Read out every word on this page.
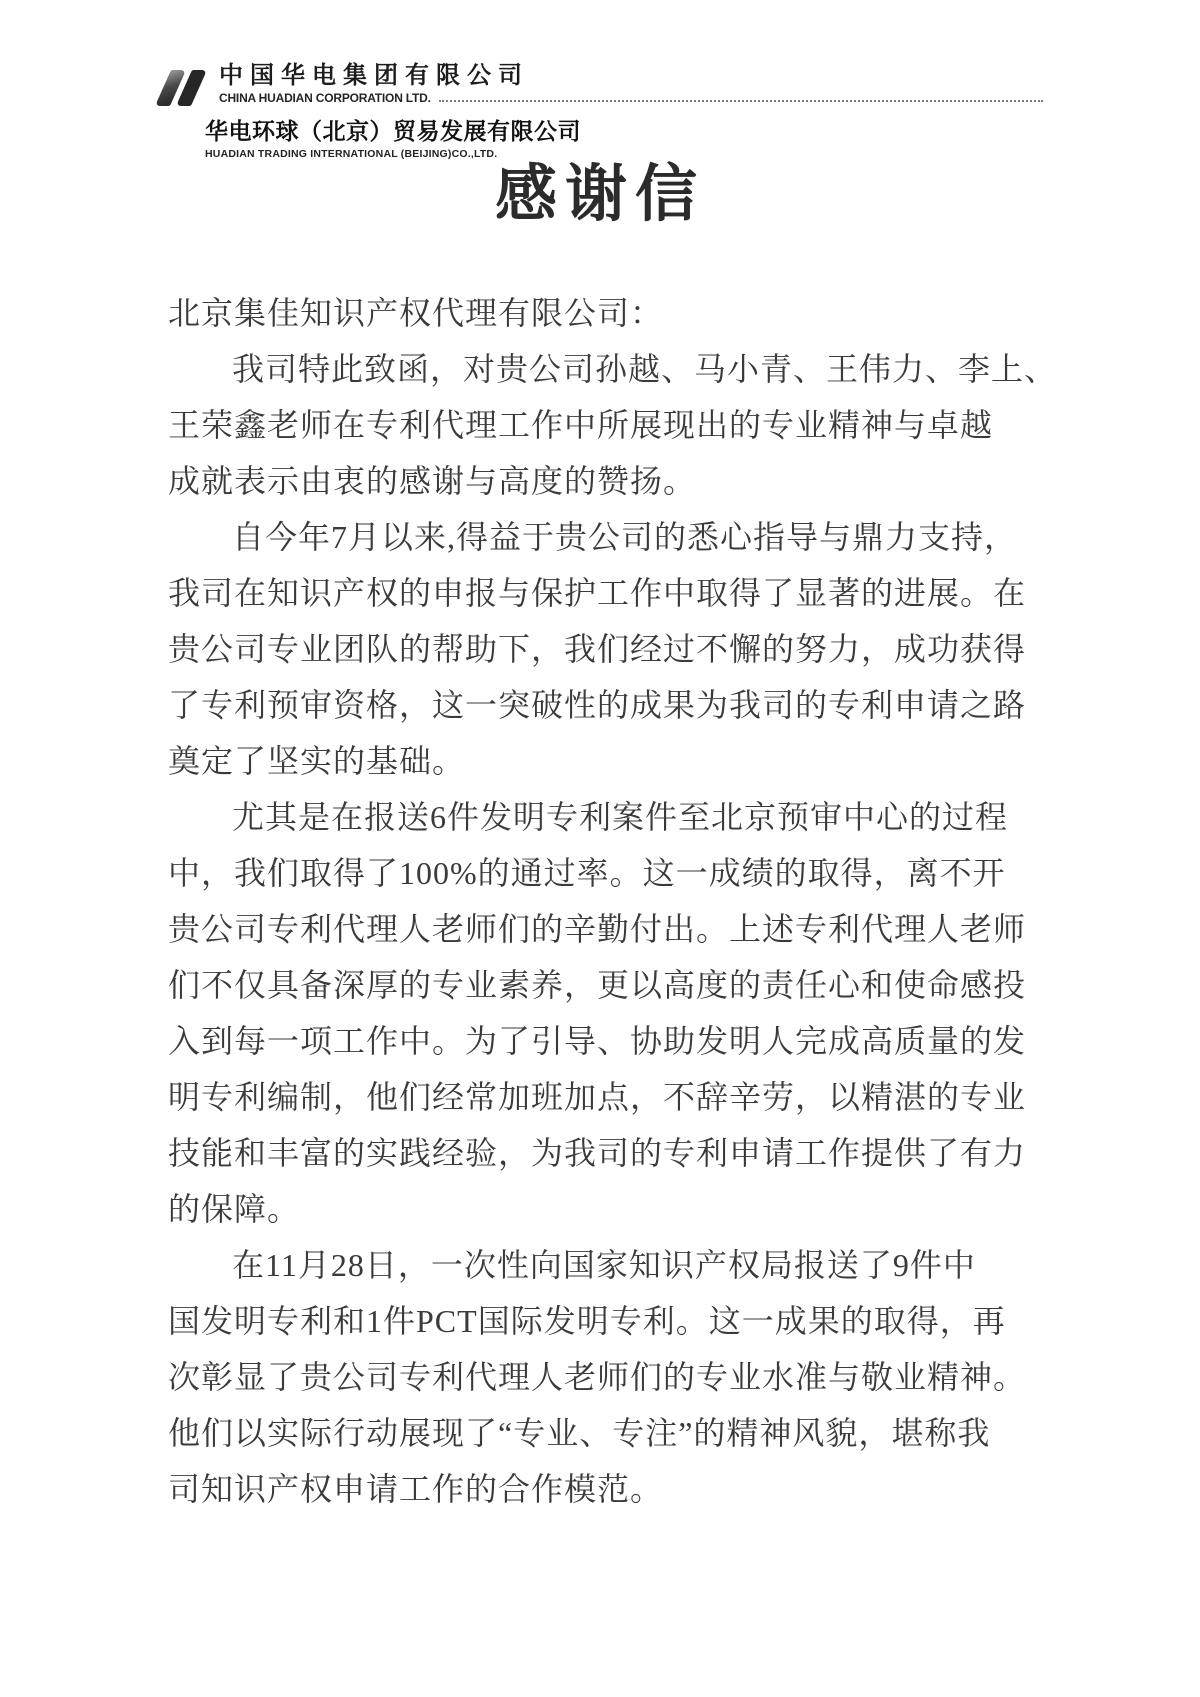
中国华电集团有限公司
CHINA HUADIAN CORPORATION LTD.
华电环球（北京）贸易发展有限公司
HUADIAN TRADING INTERNATIONAL (BEIJING)CO.,LTD.
感谢信
北京集佳知识产权代理有限公司：
我司特此致函，对贵公司孙越、马小青、王伟力、李上、
王荣鑫老师在专利代理工作中所展现出的专业精神与卓越
成就表示由衷的感谢与高度的赞扬。
自今年7月以来,得益于贵公司的悉心指导与鼎力支持，
我司在知识产权的申报与保护工作中取得了显著的进展。在
贵公司专业团队的帮助下，我们经过不懈的努力，成功获得
了专利预审资格，这一突破性的成果为我司的专利申请之路
奠定了坚实的基础。
尤其是在报送6件发明专利案件至北京预审中心的过程
中，我们取得了100%的通过率。这一成绩的取得，离不开
贵公司专利代理人老师们的辛勤付出。上述专利代理人老师
们不仅具备深厚的专业素养，更以高度的责任心和使命感投
入到每一项工作中。为了引导、协助发明人完成高质量的发
明专利编制，他们经常加班加点，不辞辛劳，以精湛的专业
技能和丰富的实践经验，为我司的专利申请工作提供了有力
的保障。
在11月28日，一次性向国家知识产权局报送了9件中
国发明专利和1件PCT国际发明专利。这一成果的取得，再
次彰显了贵公司专利代理人老师们的专业水准与敬业精神。
他们以实际行动展现了“专业、专注”的精神风貌，堪称我
司知识产权申请工作的合作模范。
